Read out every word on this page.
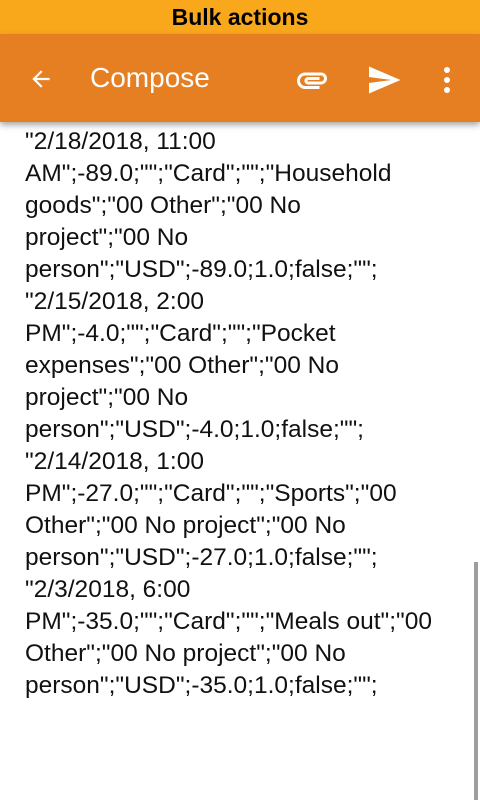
Bulk actions
Compose

"2/18/2018, 11:00
AM";-89.0;"";"Card";"";"Household
goods";"00 Other";"00 No
project";"00 No
person";"USD";-89.0;1.0;false;"";
"2/15/2018, 2:00
PM";-4.0;"";"Card";"";"Pocket
expenses";"00 Other";"00 No
project";"00 No
person";"USD";-4.0;1.0;false;"";
"2/14/2018, 1:00
PM";-27.0;"";"Card";"";"Sports";"00
Other";"00 No project";"00 No
person";"USD";-27.0;1.0;false;"";
"2/3/2018, 6:00
PM";-35.0;"";"Card";"";"Meals out";"00
Other";"00 No project";"00 No
person";"USD";-35.0;1.0;false;"";
